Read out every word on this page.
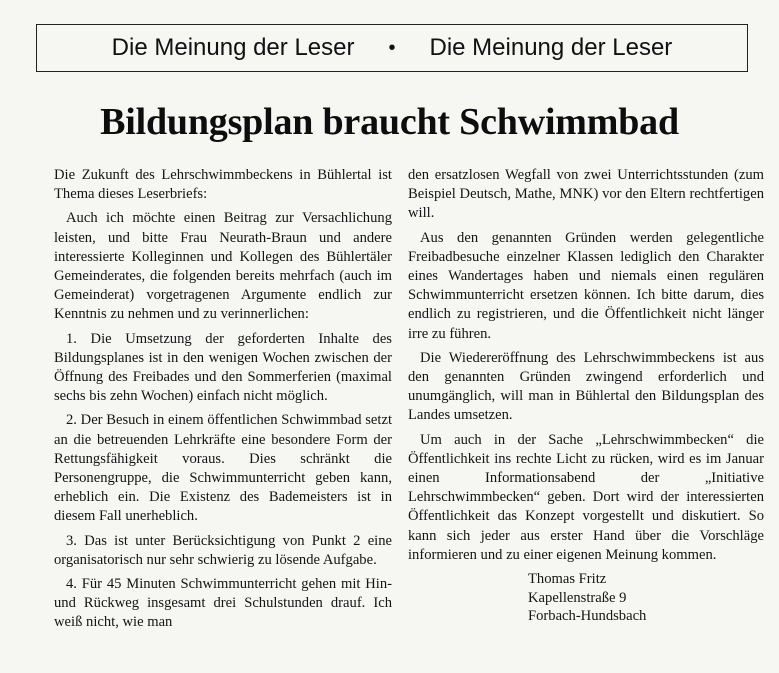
Die Meinung der Leser • Die Meinung der Leser
Bildungsplan braucht Schwimmbad

Die Zukunft des Lehrschwimmbeckens in Bühlertal ist Thema dieses Leserbriefs:

Auch ich möchte einen Beitrag zur Versachlichung leisten, und bitte Frau Neurath-Braun und andere interessierte Kolleginnen und Kollegen des Bühlertäler Gemeinderates, die folgenden bereits mehrfach (auch im Gemeinderat) vorgetragenen Argumente endlich zur Kenntnis zu nehmen und zu verinnerlichen:

1. Die Umsetzung der geforderten Inhalte des Bildungsplanes ist in den wenigen Wochen zwischen der Öffnung des Freibades und den Sommerferien (maximal sechs bis zehn Wochen) einfach nicht möglich.

2. Der Besuch in einem öffentlichen Schwimmbad setzt an die betreuenden Lehrkräfte eine besondere Form der Rettungsfähigkeit voraus. Dies schränkt die Personengruppe, die Schwimmunterricht geben kann, erheblich ein. Die Existenz des Bademeisters ist in diesem Fall unerheblich.

3. Das ist unter Berücksichtigung von Punkt 2 eine organisatorisch nur sehr schwierig zu lösende Aufgabe.

4. Für 45 Minuten Schwimmunterricht gehen mit Hin- und Rückweg insgesamt drei Schulstunden drauf. Ich weiß nicht, wie man

den ersatzlosen Wegfall von zwei Unterrichtsstunden (zum Beispiel Deutsch, Mathe, MNK) vor den Eltern rechtfertigen will.

Aus den genannten Gründen werden gelegentliche Freibadbesuche einzelner Klassen lediglich den Charakter eines Wandertages haben und niemals einen regulären Schwimmunterricht ersetzen können. Ich bitte darum, dies endlich zu registrieren, und die Öffentlichkeit nicht länger irre zu führen.

Die Wiedereröffnung des Lehrschwimmbeckens ist aus den genannten Gründen zwingend erforderlich und unumgänglich, will man in Bühlertal den Bildungsplan des Landes umsetzen.

Um auch in der Sache „Lehrschwimmbecken“ die Öffentlichkeit ins rechte Licht zu rücken, wird es im Januar einen Informationsabend der „Initiative Lehrschwimmbecken“ geben. Dort wird der interessierten Öffentlichkeit das Konzept vorgestellt und diskutiert. So kann sich jeder aus erster Hand über die Vorschläge informieren und zu einer eigenen Meinung kommen.

Thomas Fritz
Kapellenstraße 9
Forbach-Hundsbach
